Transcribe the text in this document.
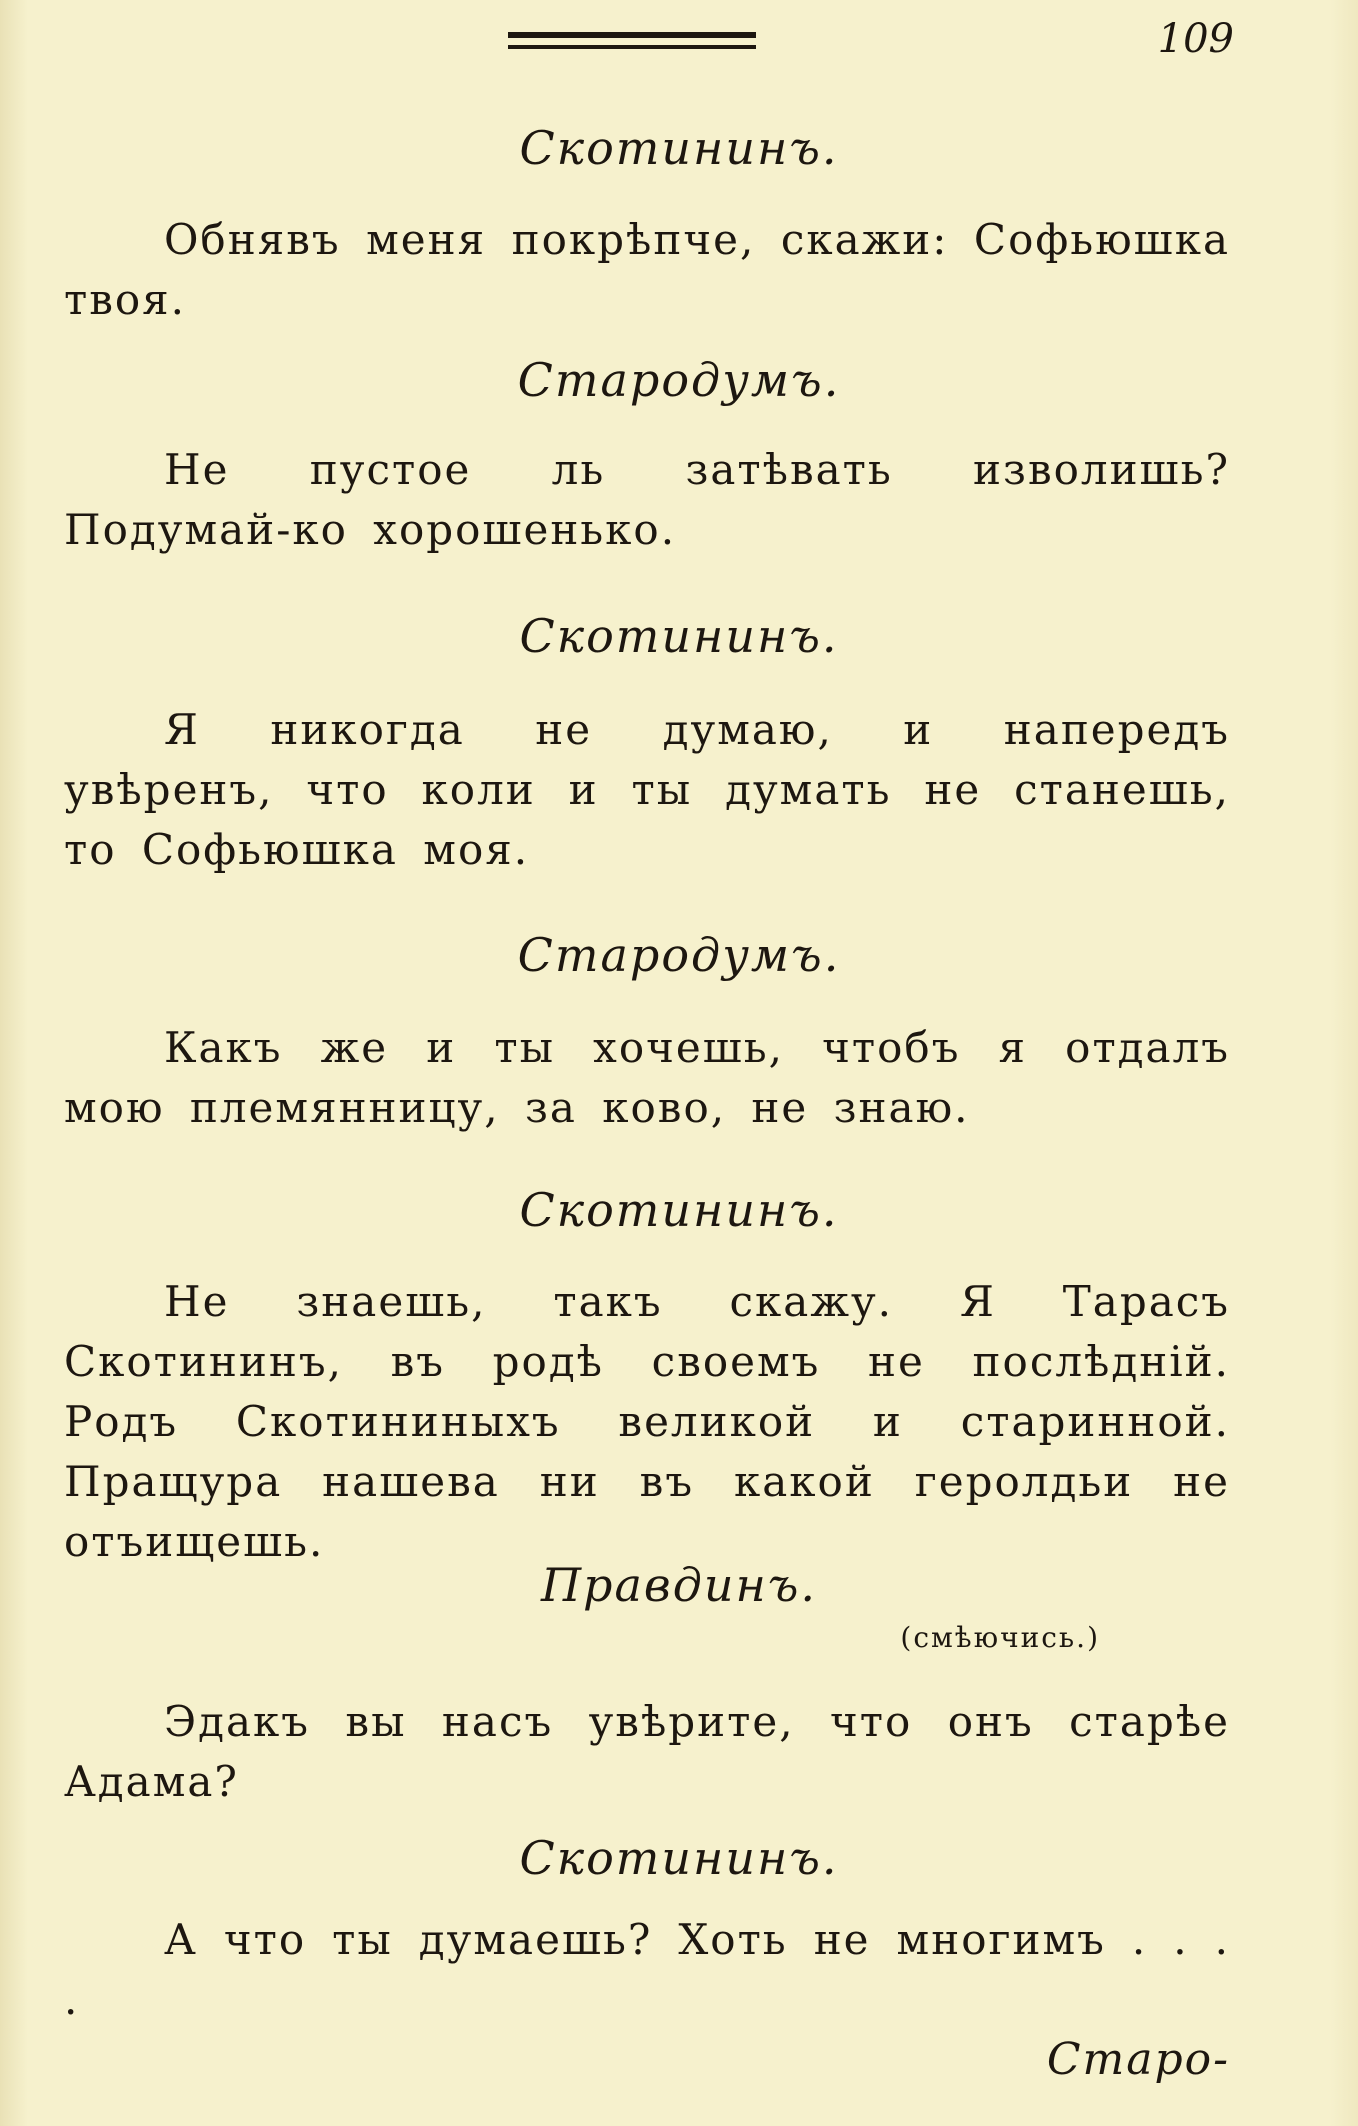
109
Скотининъ.
Обнявъ меня покрѣпче, скажи: Софьюшка твоя.
Стародумъ.
Не пустое ль затѣвать изволишь? Подумай-ко хорошенько.
Скотининъ.
Я никогда не думаю, и напередъ увѣренъ, что коли и ты думать не станешь, то Софьюшка моя.
Стародумъ.
Какъ же и ты хочешь, чтобъ я отдалъ мою племянницу, за ково, не знаю.
Скотининъ.
Не знаешь, такъ скажу. Я Тарасъ Скотининъ, въ родѣ своемъ не послѣдній. Родъ Скотининыхъ великой и старинной. Пращура нашева ни въ какой геролдьи не отъищешь.
Правдинъ.
(смѣючись.)
Эдакъ вы насъ увѣрите, что онъ старѣе Адама?
Скотининъ.
А что ты думаешь? Хоть не многимъ . . . .
Старо-
